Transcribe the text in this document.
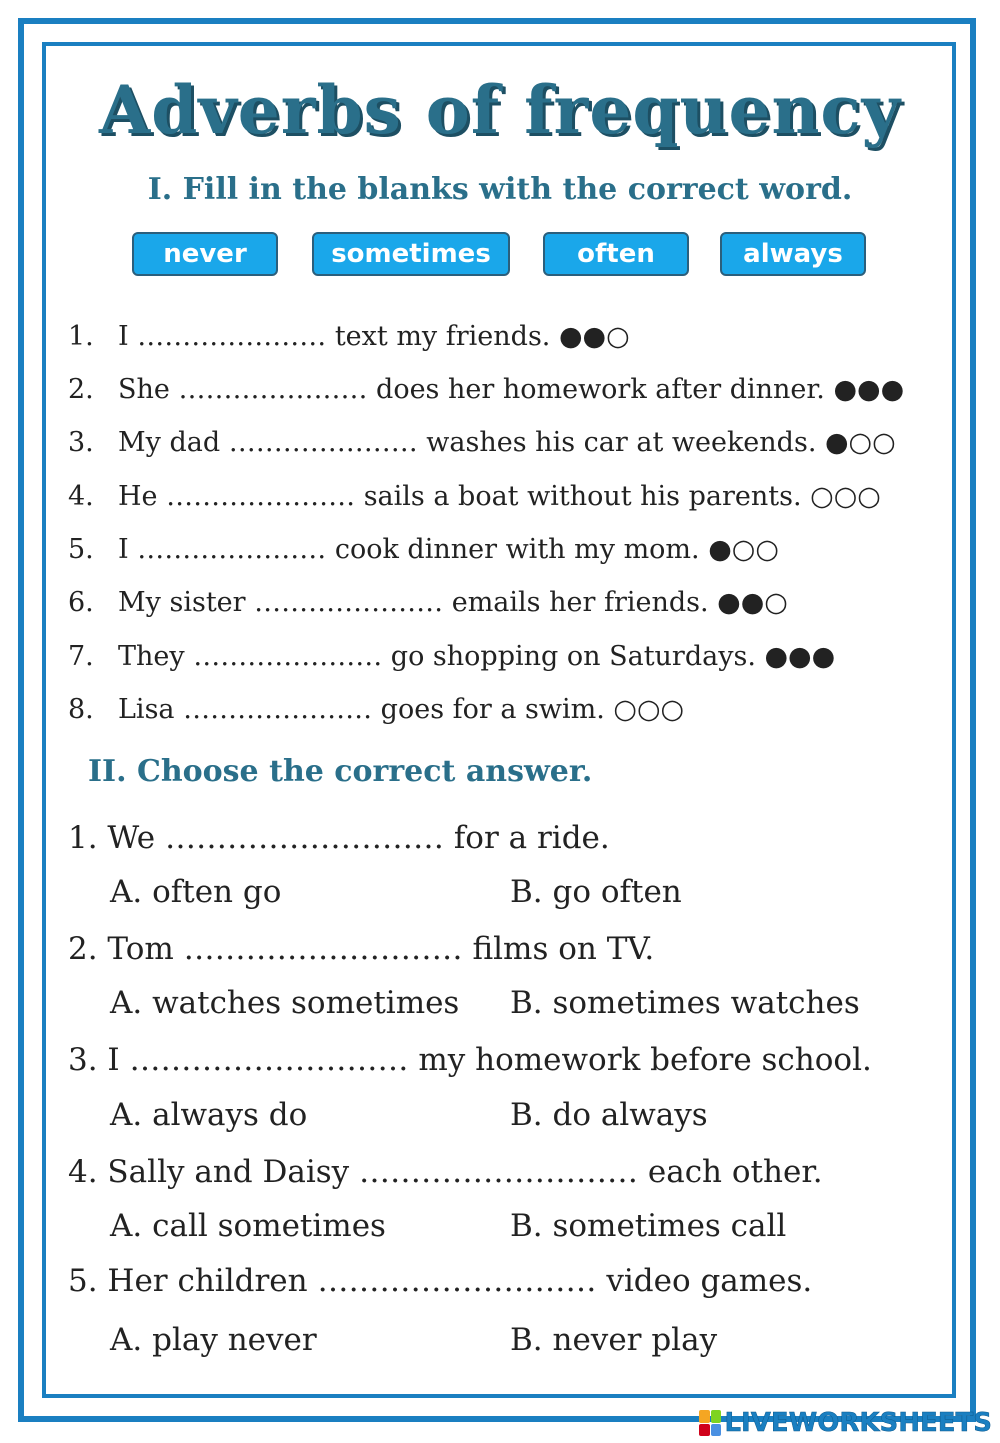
Adverbs of frequency
I. Fill in the blanks with the correct word.
never	sometimes	often	always
1. I ………………… text my friends. ●●○
2. She ………………… does her homework after dinner. ●●●
3. My dad ………………… washes his car at weekends. ●○○
4. He ………………… sails a boat without his parents. ○○○
5. I ………………… cook dinner with my mom. ●○○
6. My sister ………………… emails her friends. ●●○
7. They ………………… go shopping on Saturdays. ●●●
8. Lisa ………………… goes for a swim. ○○○
II. Choose the correct answer.
1. We ……………………… for a ride.
A. often go	B. go often
2. Tom ……………………… films on TV.
A. watches sometimes B. sometimes watches
3. I ……………………… my homework before school.
A. always do	B. do always
4. Sally and Daisy ……………………… each other.
A. call sometimes	B. sometimes call
5. Her children ……………………… video games.
A. play never	B. never play
LIVEWORKSHEETS
